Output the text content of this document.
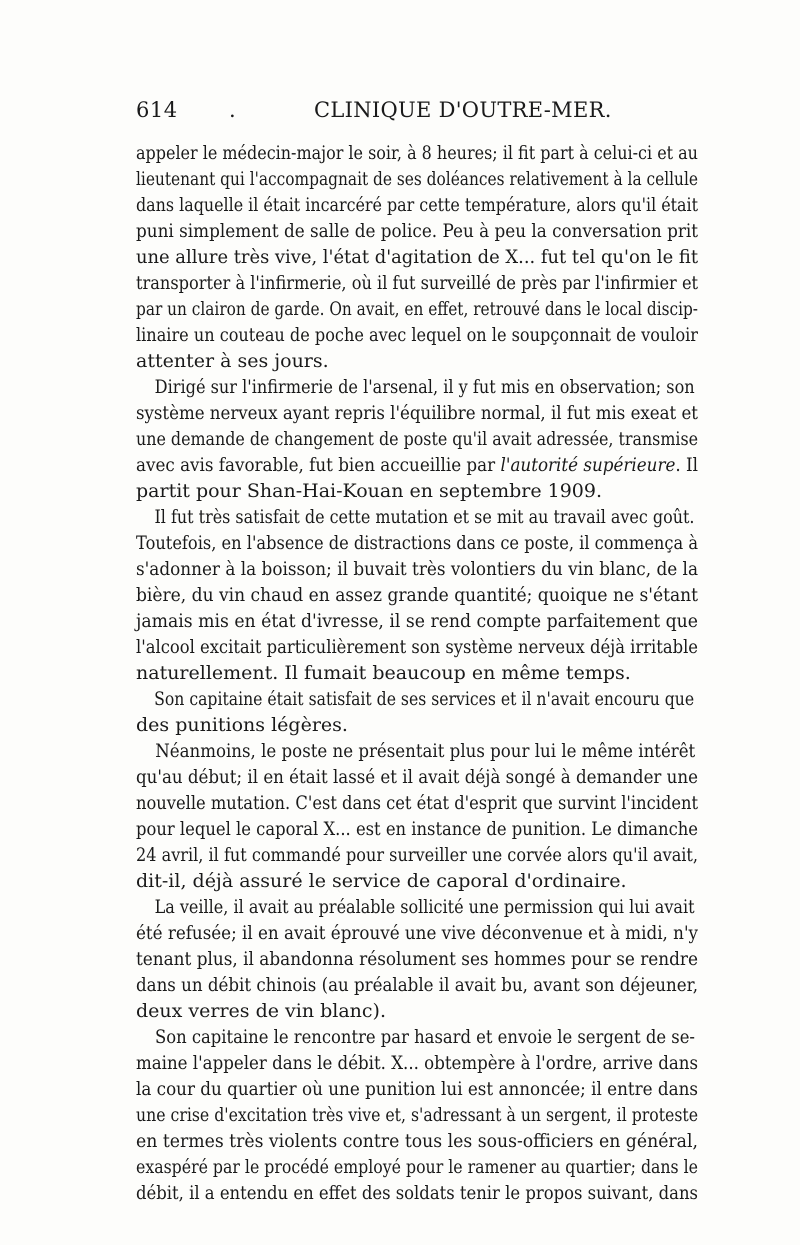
614 .	CLINIQUE D'OUTRE-MER.
appeler le médecin-major le soir, à 8 heures; il fit part à celui-ci et au
lieutenant qui l'accompagnait de ses doléances relativement à la cellule
dans laquelle il était incarcéré par cette température, alors qu'il était
puni simplement de salle de police. Peu à peu la conversation prit
une allure très vive, l'état d'agitation de X... fut tel qu'on le fit
transporter à l'infirmerie, où il fut surveillé de près par l'infirmier et
par un clairon de garde. On avait, en effet, retrouvé dans le local discip-
linaire un couteau de poche avec lequel on le soupçonnait de vouloir
attenter à ses jours.
Dirigé sur l'infirmerie de l'arsenal, il y fut mis en observation; son
système nerveux ayant repris l'équilibre normal, il fut mis exeat et
une demande de changement de poste qu'il avait adressée, transmise
avec avis favorable, fut bien accueillie par l'autorité supérieure. Il
partit pour Shan-Hai-Kouan en septembre 1909.
Il fut très satisfait de cette mutation et se mit au travail avec goût.
Toutefois, en l'absence de distractions dans ce poste, il commença à
s'adonner à la boisson; il buvait très volontiers du vin blanc, de la
bière, du vin chaud en assez grande quantité; quoique ne s'étant
jamais mis en état d'ivresse, il se rend compte parfaitement que
l'alcool excitait particulièrement son système nerveux déjà irritable
naturellement. Il fumait beaucoup en même temps.
Son capitaine était satisfait de ses services et il n'avait encouru que
des punitions légères.
Néanmoins, le poste ne présentait plus pour lui le même intérêt
qu'au début; il en était lassé et il avait déjà songé à demander une
nouvelle mutation. C'est dans cet état d'esprit que survint l'incident
pour lequel le caporal X... est en instance de punition. Le dimanche
24 avril, il fut commandé pour surveiller une corvée alors qu'il avait,
dit-il, déjà assuré le service de caporal d'ordinaire.
La veille, il avait au préalable sollicité une permission qui lui avait
été refusée; il en avait éprouvé une vive déconvenue et à midi, n'y
tenant plus, il abandonna résolument ses hommes pour se rendre
dans un débit chinois (au préalable il avait bu, avant son déjeuner,
deux verres de vin blanc).
Son capitaine le rencontre par hasard et envoie le sergent de se-
maine l'appeler dans le débit. X... obtempère à l'ordre, arrive dans
la cour du quartier où une punition lui est annoncée; il entre dans
une crise d'excitation très vive et, s'adressant à un sergent, il proteste
en termes très violents contre tous les sous-officiers en général,
exaspéré par le procédé employé pour le ramener au quartier; dans le
débit, il a entendu en effet des soldats tenir le propos suivant, dans
